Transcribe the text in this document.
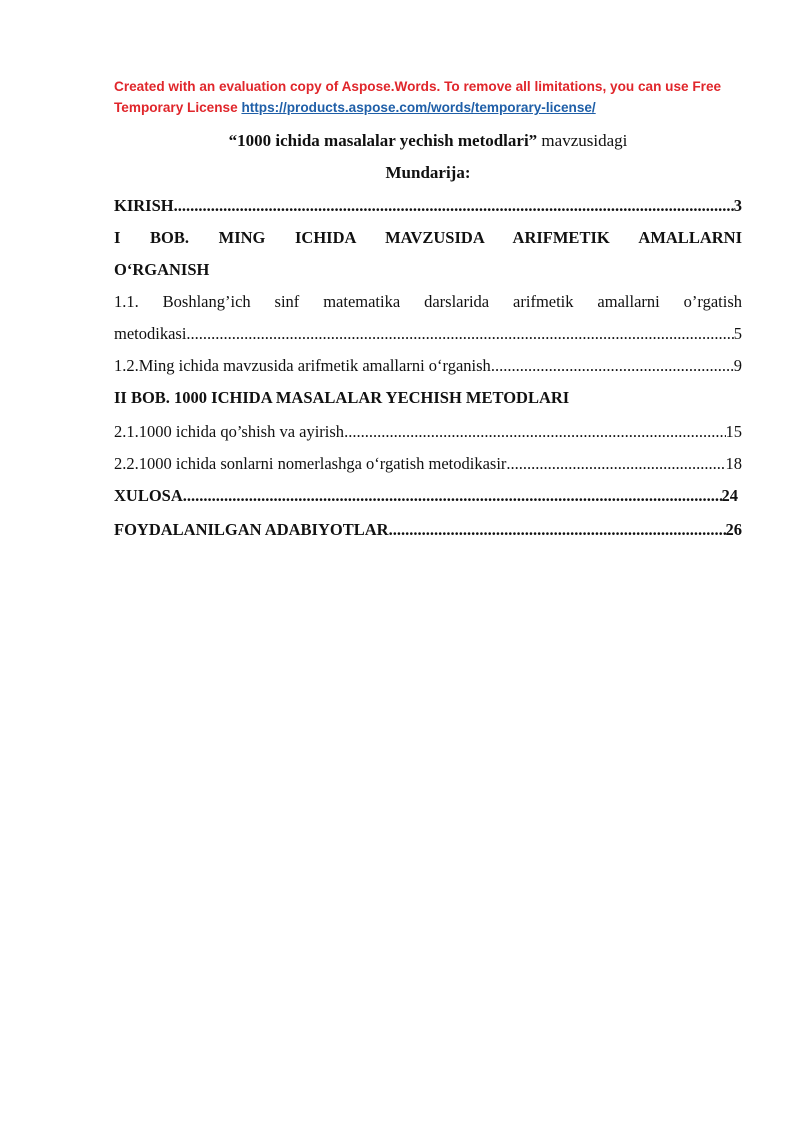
Created with an evaluation copy of Aspose.Words. To remove all limitations, you can use Free Temporary License https://products.aspose.com/words/temporary-license/
“1000 ichida masalalar yechish metodlari” mavzusidagi
Mundarija:
KIRISH .....	3
I BOB. MING ICHIDA MAVZUSIDA ARIFMETIK AMALLARNI
O‘RGANISH
1.1. Boshlang’ich sinf matematika darslarida arifmetik amallarni o’rgatish
metodikasi .....	5
1.2. Ming ichida mavzusida arifmetik amallarni o‘rganish .....	9
II BOB. 1000 ICHIDA MASALALAR YECHISH METODLARI
2.1. 1000 ichida qo’shish va ayirish .....	15
2.2. 1000 ichida sonlarni nomerlashga o‘rgatish metodikasir .....	18
XULOSA .....	24
FOYDALANILGAN ADABIYOTLAR .....	26
